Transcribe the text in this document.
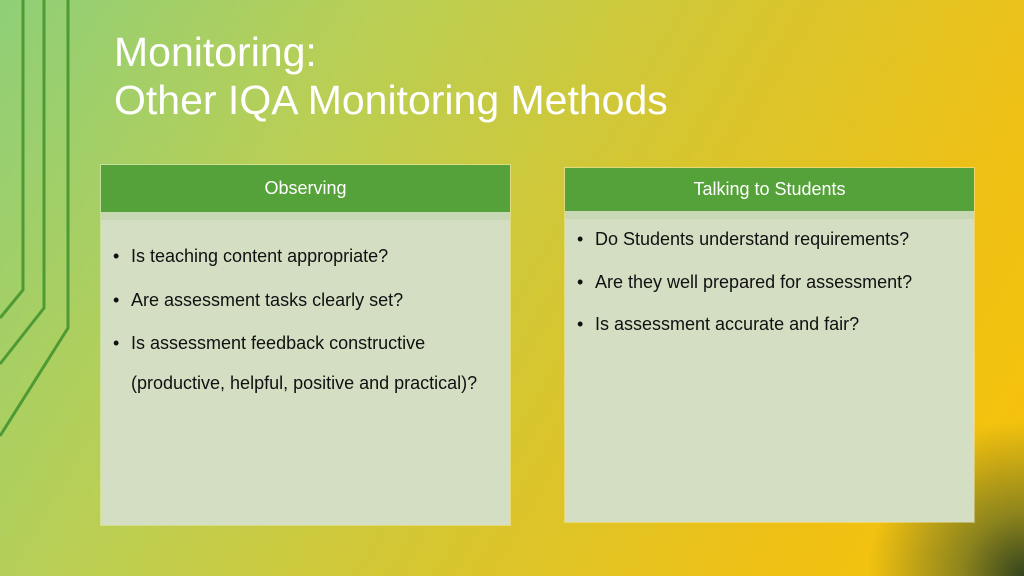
Monitoring:
Other IQA Monitoring Methods
Observing
• Is teaching content appropriate?
• Are assessment tasks clearly set?
• Is assessment feedback constructive (productive, helpful, positive and practical)?
Talking to Students
• Do Students understand requirements?
• Are they well prepared for assessment?
• Is assessment accurate and fair?
